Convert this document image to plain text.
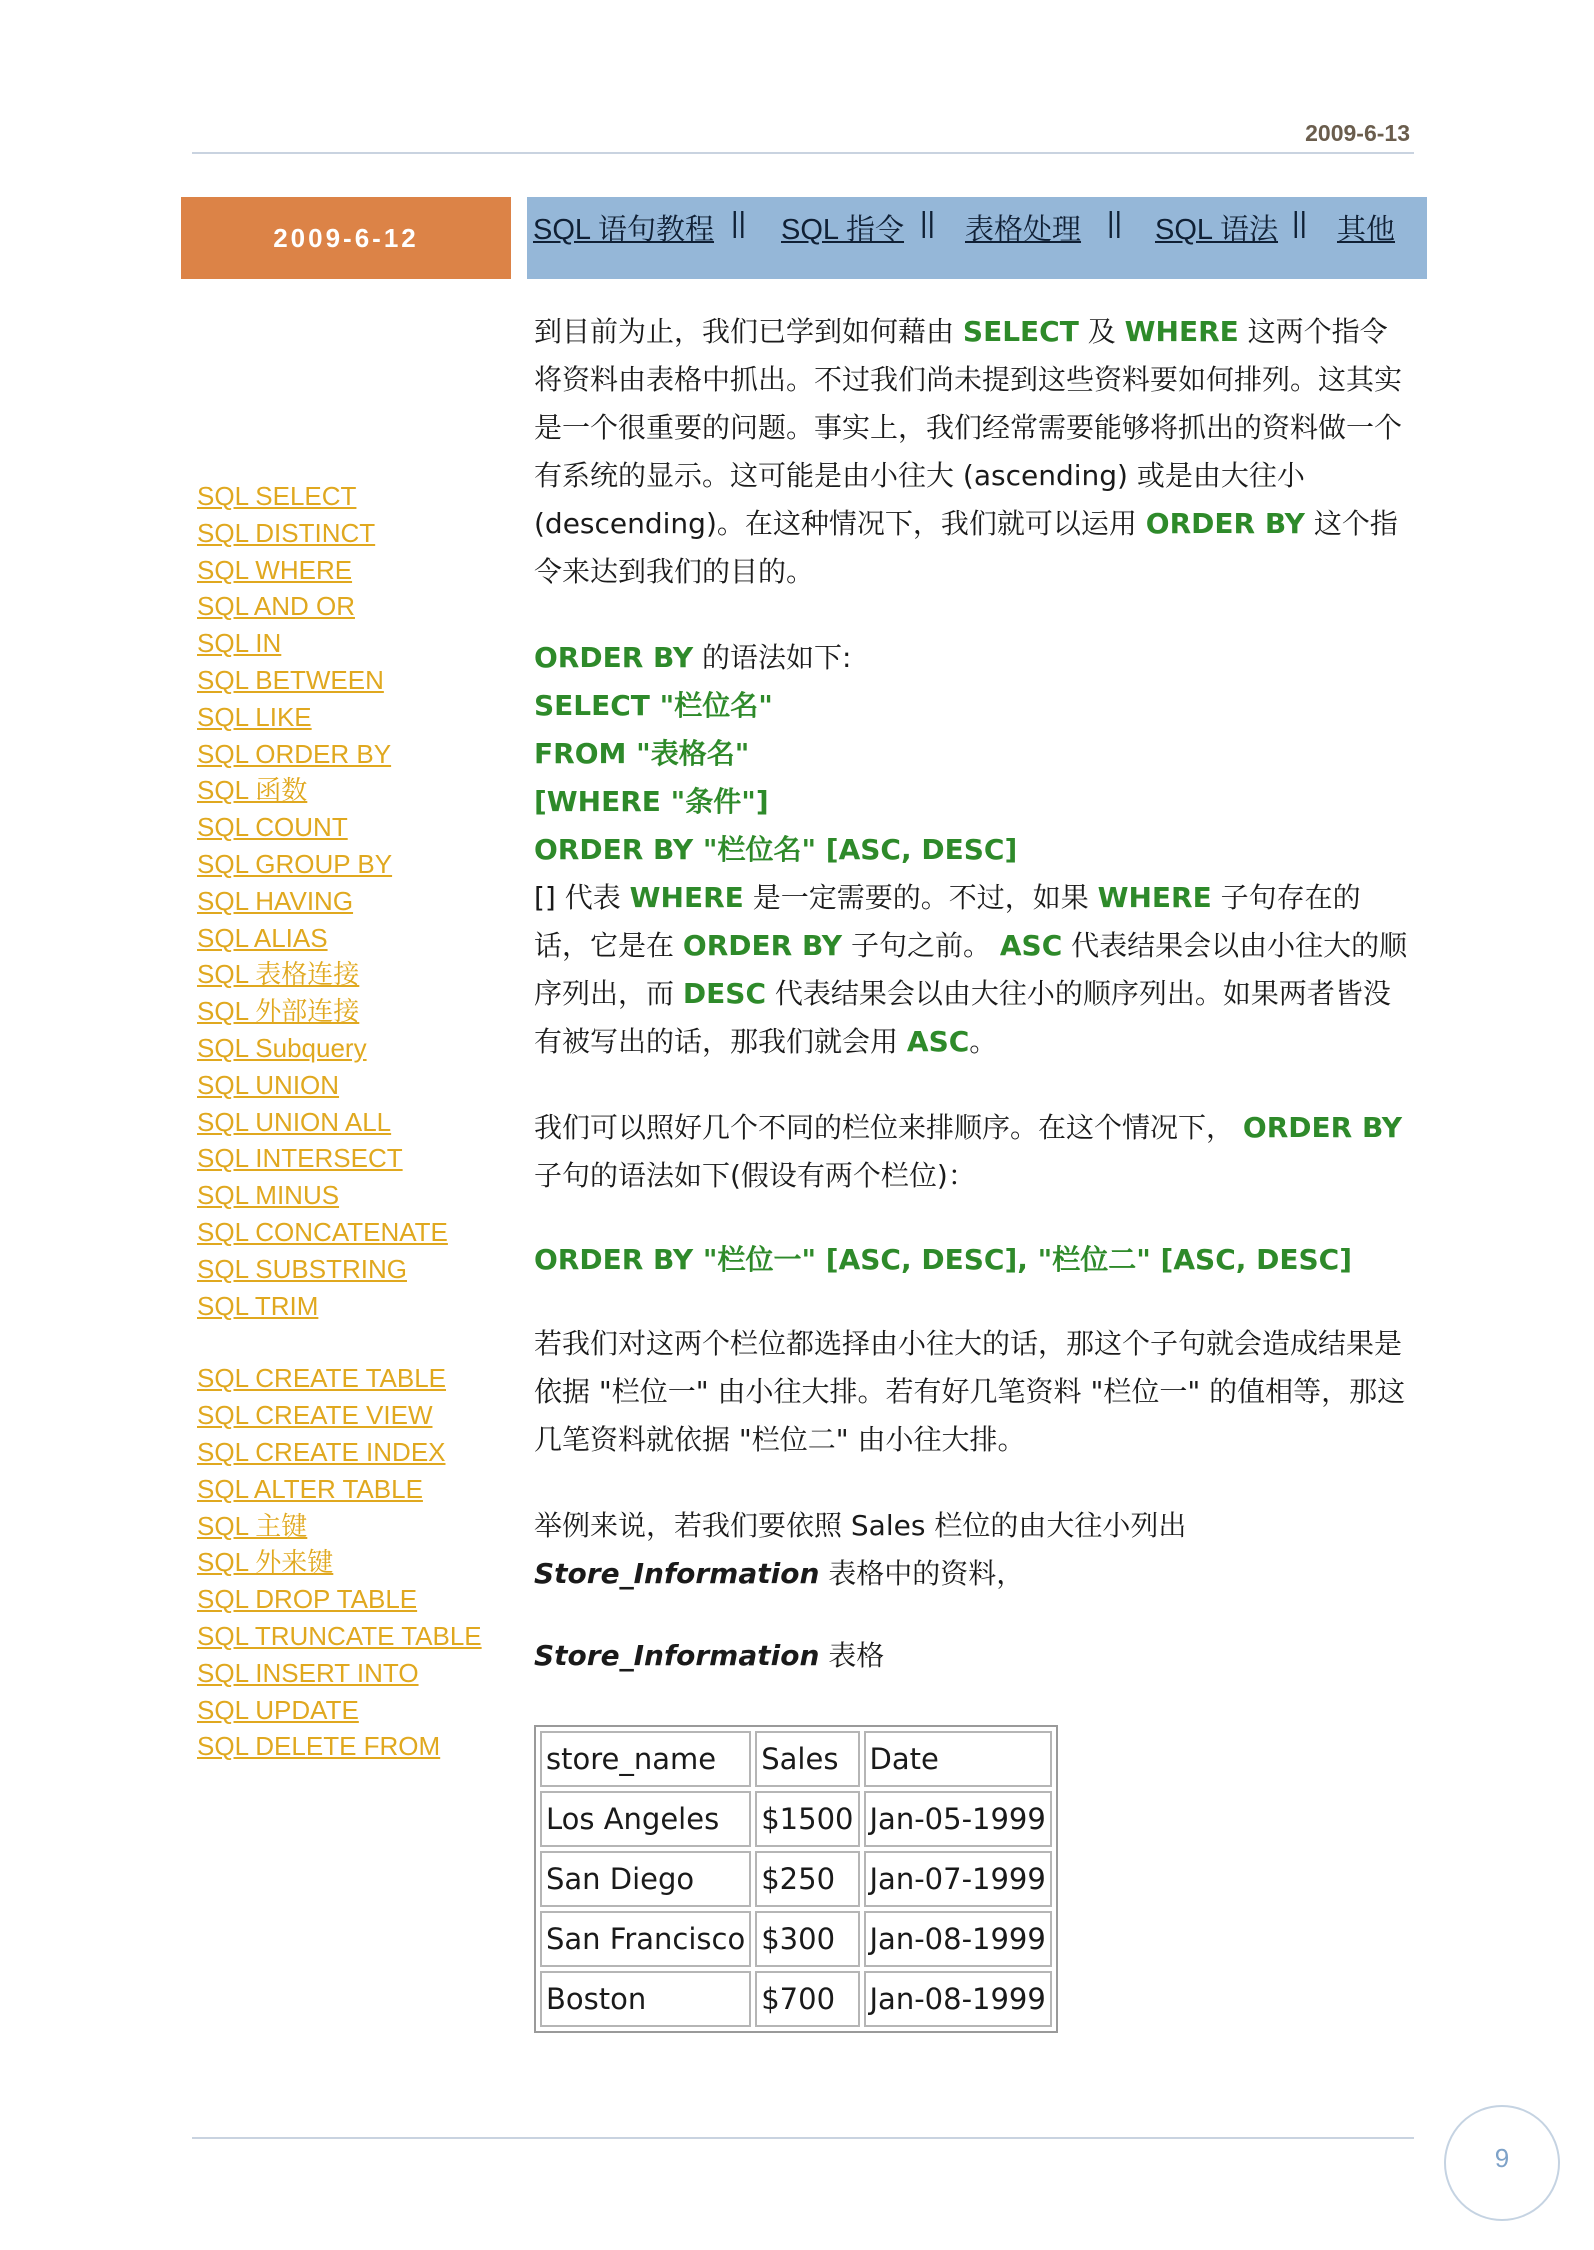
2009-6-13
2009-6-12	SQL 语句教程 || SQL 指令 || 表格处理 || SQL 语法 || 其他
SQL SELECT
SQL DISTINCT
SQL WHERE
SQL AND OR
SQL IN
SQL BETWEEN
SQL LIKE
SQL ORDER BY
SQL 函数
SQL COUNT
SQL GROUP BY
SQL HAVING
SQL ALIAS
SQL 表格连接
SQL 外部连接
SQL Subquery
SQL UNION
SQL UNION ALL
SQL INTERSECT
SQL MINUS
SQL CONCATENATE
SQL SUBSTRING
SQL TRIM
SQL CREATE TABLE
SQL CREATE VIEW
SQL CREATE INDEX
SQL ALTER TABLE
SQL 主键
SQL 外来键
SQL DROP TABLE
SQL TRUNCATE TABLE
SQL INSERT INTO
SQL UPDATE
SQL DELETE FROM

到目前为止，我们已学到如何藉由 SELECT 及 WHERE 这两个指令将资料由表格中抓出。不过我们尚未提到这些资料要如何排列。这其实是一个很重要的问题。事实上，我们经常需要能够将抓出的资料做一个有系统的显示。这可能是由小往大 (ascending) 或是由大往小 (descending)。在这种情况下，我们就可以运用 ORDER BY 这个指令来达到我们的目的。

ORDER BY 的语法如下:

SELECT "栏位名"

FROM "表格名"

[WHERE "条件"]

ORDER BY "栏位名" [ASC, DESC]

[] 代表 WHERE 是一定需要的。不过，如果 WHERE 子句存在的话，它是在 ORDER BY 子句之前。 ASC 代表结果会以由小往大的顺序列出，而 DESC 代表结果会以由大往小的顺序列出。如果两者皆没有被写出的话，那我们就会用 ASC。

我们可以照好几个不同的栏位来排顺序。在这个情况下， ORDER BY 子句的语法如下(假设有两个栏位)：

ORDER BY "栏位一" [ASC, DESC], "栏位二" [ASC, DESC]

若我们对这两个栏位都选择由小往大的话，那这个子句就会造成结果是依据 "栏位一" 由小往大排。若有好几笔资料 "栏位一" 的值相等，那这几笔资料就依据 "栏位二" 由小往大排。

举例来说，若我们要依照 Sales 栏位的由大往小列出 Store_Information 表格中的资料，

Store_Information 表格

store_name	Sales	Date
Los Angeles	$1500	Jan-05-1999
San Diego	$250	Jan-07-1999
San Francisco	$300	Jan-08-1999
Boston	$700	Jan-08-1999
9
